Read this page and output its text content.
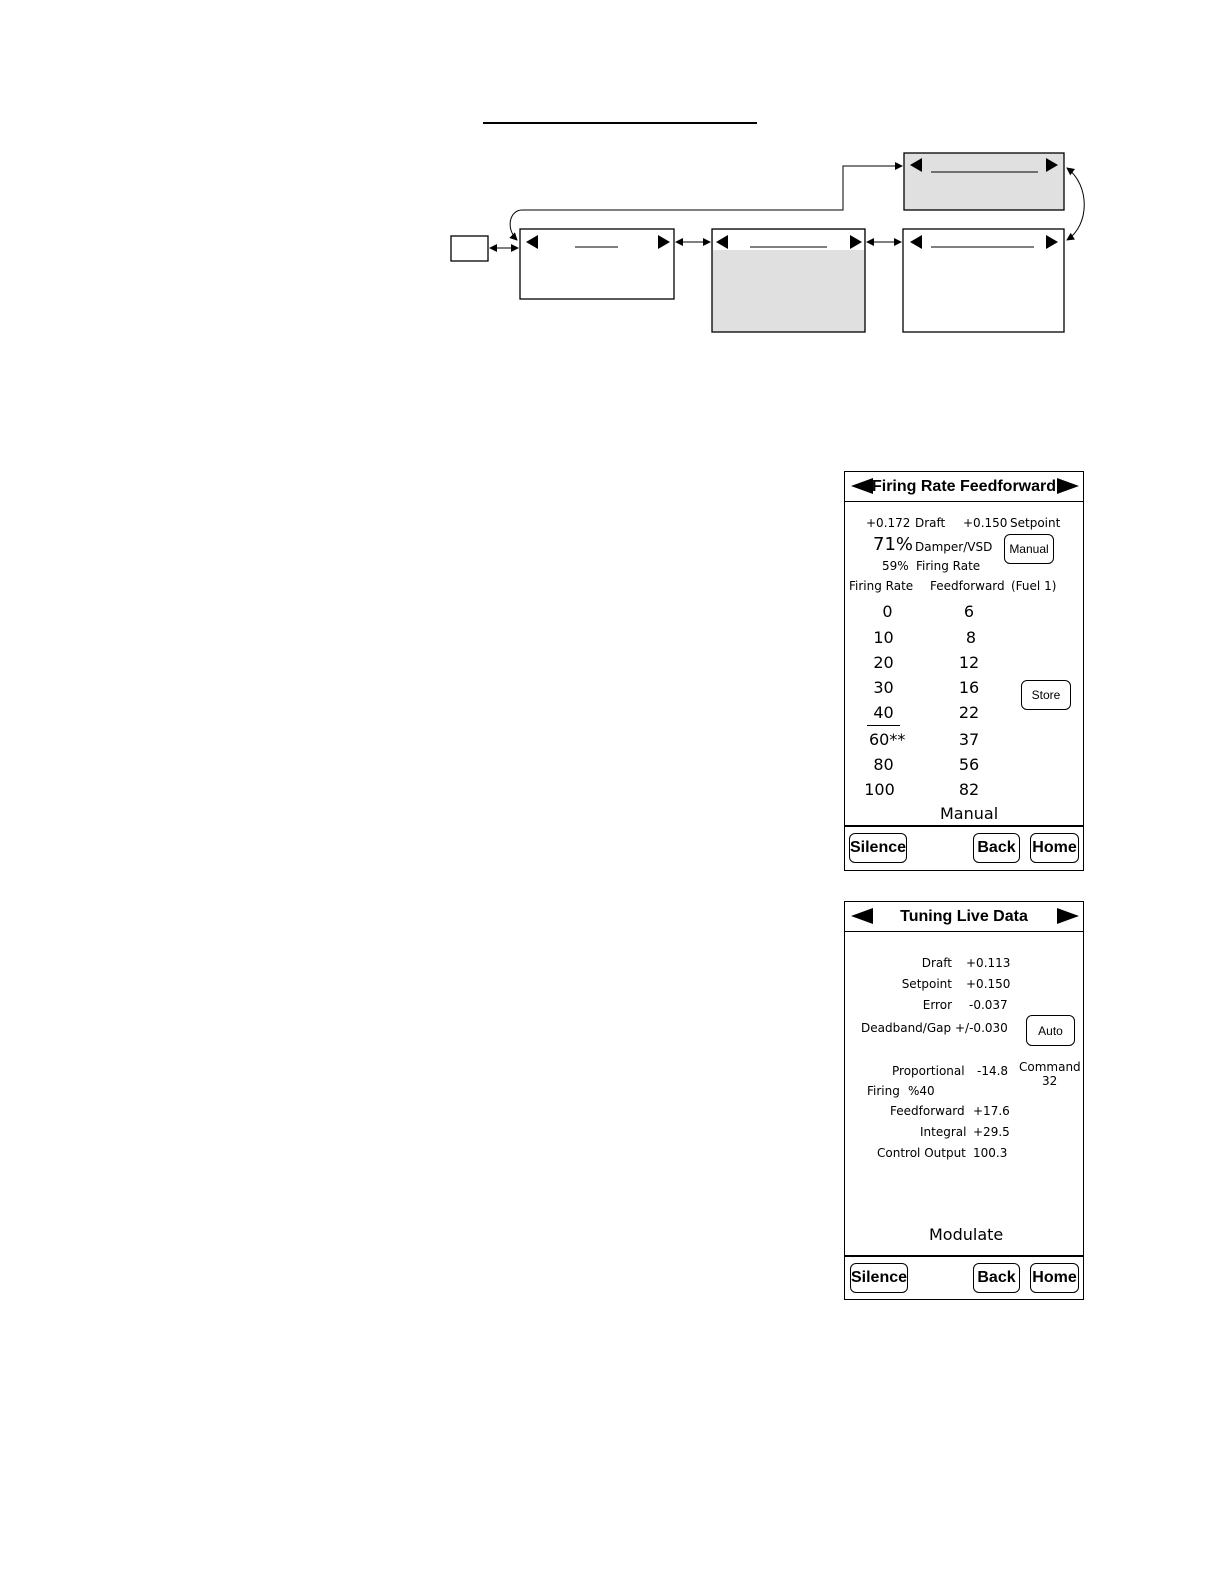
Firing Rate Feedforward
+0.172 Draft +0.150 Setpoint
71% Damper/VSD	Manual
59% Firing Rate
Firing Rate Feedforward (Fuel 1)
0	6
10	8
20	12
30	16
40	22
60**	37
80	56
100	82
Store
Manual
Silence	Back Home
Tuning Live Data
Draft +0.113
Setpoint +0.150
Error -0.037
Deadband/Gap +/-0.030	Auto
Command
32
Proportional -14.8
Firing %40
Feedforward +17.6
Integral +29.5
Control Output 100.3
Modulate
Silence	Back Home
